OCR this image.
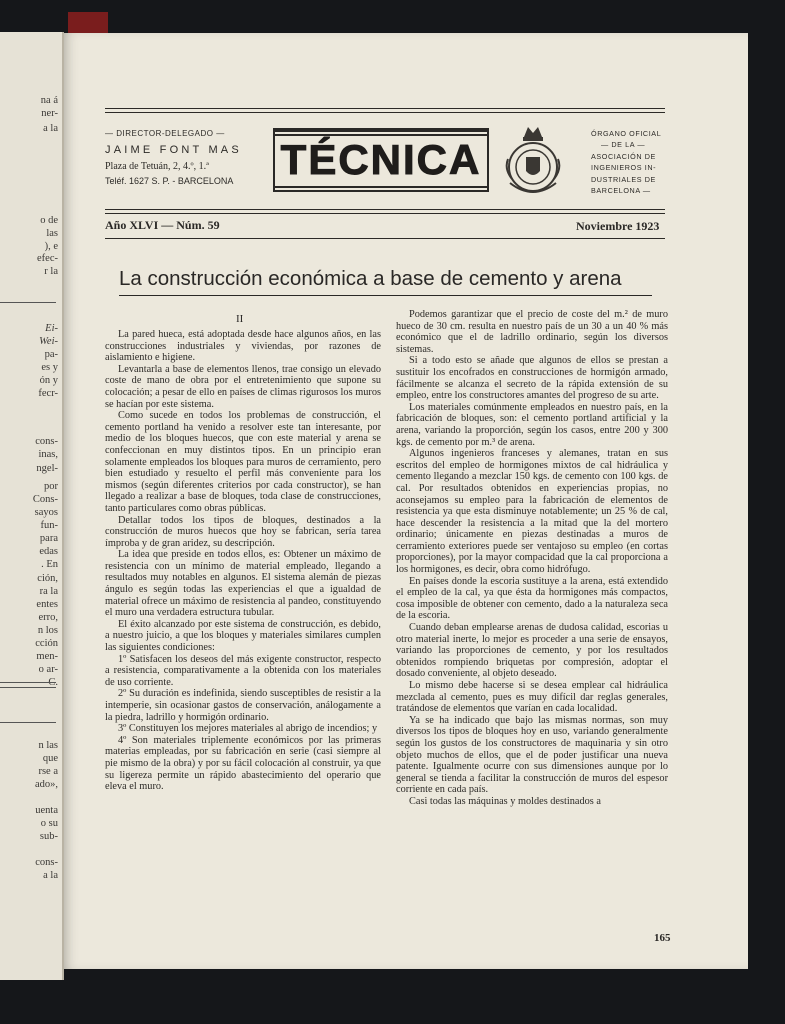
na á
ner-
a la
o de
las
), e
efec-
r la
Ei-
Wei-
pa-
es y
ón y
fecr-
cons-
inas,
ngel-
por
Cons-
sayos
fun-
para
edas
. En
ción,
ra la
entes
erro,
n los
cción
men-
o ar-
C.
n las
que
rse a
ado»,
uenta
o su
sub-
cons-
a la
— DIRECTOR-DELEGADO —
JAIME FONT MAS
Plaza de Tetuán, 2, 4.º, 1.ª
Teléf. 1627 S. P. - BARCELONA	TÉCNICA
ÓRGANO OFICIAL
— DE LA —
ASOCIACIÓN DE
INGENIEROS IN-
DUSTRIALES DE
BARCELONA —
Año XLVI — Núm. 59	Noviembre 1923
La construcción económica a base de cemento y arena
II

La pared hueca, está adoptada desde hace algunos años, en las construcciones industriales y viviendas, por razones de aislamiento e higiene.

Levantarla a base de elementos llenos, trae consigo un elevado coste de mano de obra por el entretenimiento que supone su colocación; a pesar de ello en países de climas rigurosos los muros se hacían por este sistema.

Como sucede en todos los problemas de construcción, el cemento portland ha venido a resolver este tan interesante, por medio de los bloques huecos, que con este material y arena se confeccionan en muy distintos tipos. En un principio eran solamente empleados los bloques para muros de cerramiento, pero bien estudiado y resuelto el perfil más conveniente para los mismos (según diferentes criterios por cada constructor), se han llegado a realizar a base de bloques, toda clase de construcciones, tanto particulares como obras públicas.

Detallar todos los tipos de bloques, destinados a la construcción de muros huecos que hoy se fabrican, sería tarea ímproba y de gran aridez, su descripción.

La idea que preside en todos ellos, es: Obtener un máximo de resistencia con un mínimo de material empleado, llegando a resultados muy notables en algunos. El sistema alemán de piezas ángulo es según todas las experiencias el que a igualdad de material ofrece un máximo de resistencia al pandeo, constituyendo el muro una verdadera estructura tubular.

El éxito alcanzado por este sistema de construcción, es debido, a nuestro juicio, a que los bloques y materiales similares cumplen las siguientes condiciones:

1º Satisfacen los deseos del más exigente constructor, respecto a resistencia, comparativamente a la obtenida con los materiales de uso corriente.

2º Su duración es indefinida, siendo susceptibles de resistir a la intemperie, sin ocasionar gastos de conservación, análogamente a la piedra, ladrillo y hormigón ordinario.

3º Constituyen los mejores materiales al abrigo de incendios; y

4º Son materiales triplemente económicos por las primeras materias empleadas, por su fabricación en serie (casi siempre al pie mismo de la obra) y por su fácil colocación al construir, ya que su ligereza permite un rápido abastecimiento del operario que eleva el muro.

Podemos garantizar que el precio de coste del m.² de muro hueco de 30 cm. resulta en nuestro país de un 30 a un 40 % más económico que el de ladrillo ordinario, según los diversos sistemas.

Si a todo esto se añade que algunos de ellos se prestan a sustituir los encofrados en construcciones de hormigón armado, fácilmente se alcanza el secreto de la rápida extensión de su empleo, entre los constructores amantes del progreso de su arte.

Los materiales comúnmente empleados en nuestro país, en la fabricación de bloques, son: el cemento portland artificial y la arena, variando la proporción, según los casos, entre 200 y 300 kgs. de cemento por m.³ de arena.

Algunos ingenieros franceses y alemanes, tratan en sus escritos del empleo de hormigones mixtos de cal hidráulica y cemento llegando a mezclar 150 kgs. de cemento con 100 kgs. de cal. Por resultados obtenidos en experiencias propias, no aconsejamos su empleo para la fabricación de elementos de resistencia ya que esta disminuye notablemente; un 25 % de cal, hace descender la resistencia a la mitad que la del mortero ordinario; únicamente en piezas destinadas a muros de cerramiento exteriores puede ser ventajoso su empleo (en cortas proporciones), por la mayor compacidad que la cal proporciona a los hormigones, es decir, obra como hidrófugo.

En países donde la escoria sustituye a la arena, está extendido el empleo de la cal, ya que ésta da hormigones más compactos, cosa imposible de obtener con cemento, dado a la naturaleza seca de la escoria.

Cuando deban emplearse arenas de dudosa calidad, escorias u otro material inerte, lo mejor es proceder a una serie de ensayos, variando las proporciones de cemento, y por los resultados obtenidos rompiendo briquetas por compresión, adoptar el dosado conveniente, al objeto deseado.

Lo mismo debe hacerse si se desea emplear cal hidráulica mezclada al cemento, pues es muy difícil dar reglas generales, tratándose de elementos que varían en cada localidad.

Ya se ha indicado que bajo las mismas normas, son muy diversos los tipos de bloques hoy en uso, variando generalmente según los gustos de los constructores de maquinaria y sin otro objeto muchos de ellos, que el de poder justificar una nueva patente. Igualmente ocurre con sus dimensiones aunque por lo general se tienda a facilitar la construcción de muros del espesor corriente en cada país.

Casi todas las máquinas y moldes destinados a

165
